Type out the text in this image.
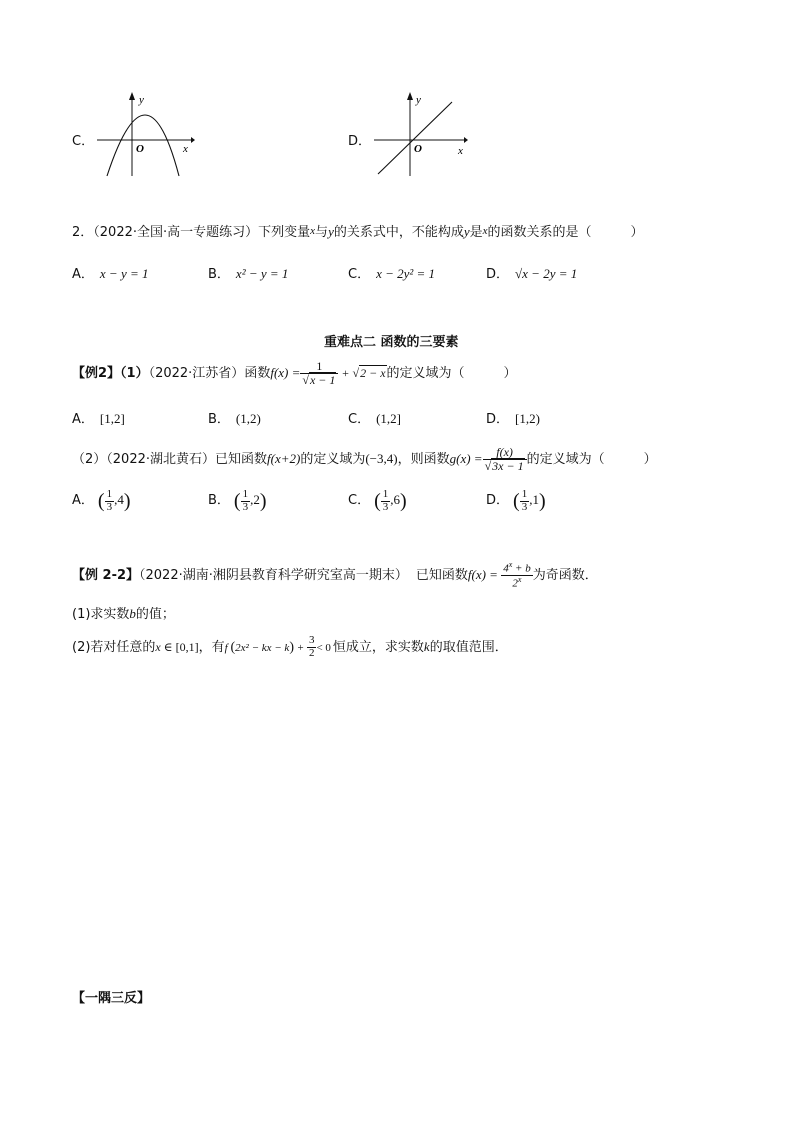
C．
y
x
O	D．
y
x
O
2．（2022·全国·高一专题练习）下列变量x与y的关系式中，不能构成y是x的函数关系的是（　　　）
A． x − y = 1	B． x² − y = 1	C． x − 2y² = 1	D． √x − 2y = 1
重难点二 函数的三要素
【例2】（1）（2022·江苏省）函数$f(x) = \frac{1}{√x - 1} + √2 - x$的定义域为（　　　）
A． [1,2]	B． (1,2)	C． (1,2]	D． [1,2)
（2）（2022·湖北黄石）已知函数f(x+2)的定义域为(−3,4)，则函数$g(x) = \frac{f(x)}{√3x - 1}$ 的定义域为（　　　）
A． ( $\frac{1}{3} ,4$)	B． ( $\frac{1}{3} ,2$)	C． ( $\frac{1}{3} ,6$)	D． ( $\frac{1}{3} ,1$)
【例 2-2】（2022·湖南·湘阴县教育科学研究室高一期末） 已知函数$f(x) = \frac{4^x + b}{2^x}$ 为奇函数．
(1)求实数b的值；
(2)若对任意的x ∈ [0,1]，有f (2x² − kx − $k) + \frac{3}{2} < 0$ 恒成立，求实数k的取值范围．
【一隅三反】
